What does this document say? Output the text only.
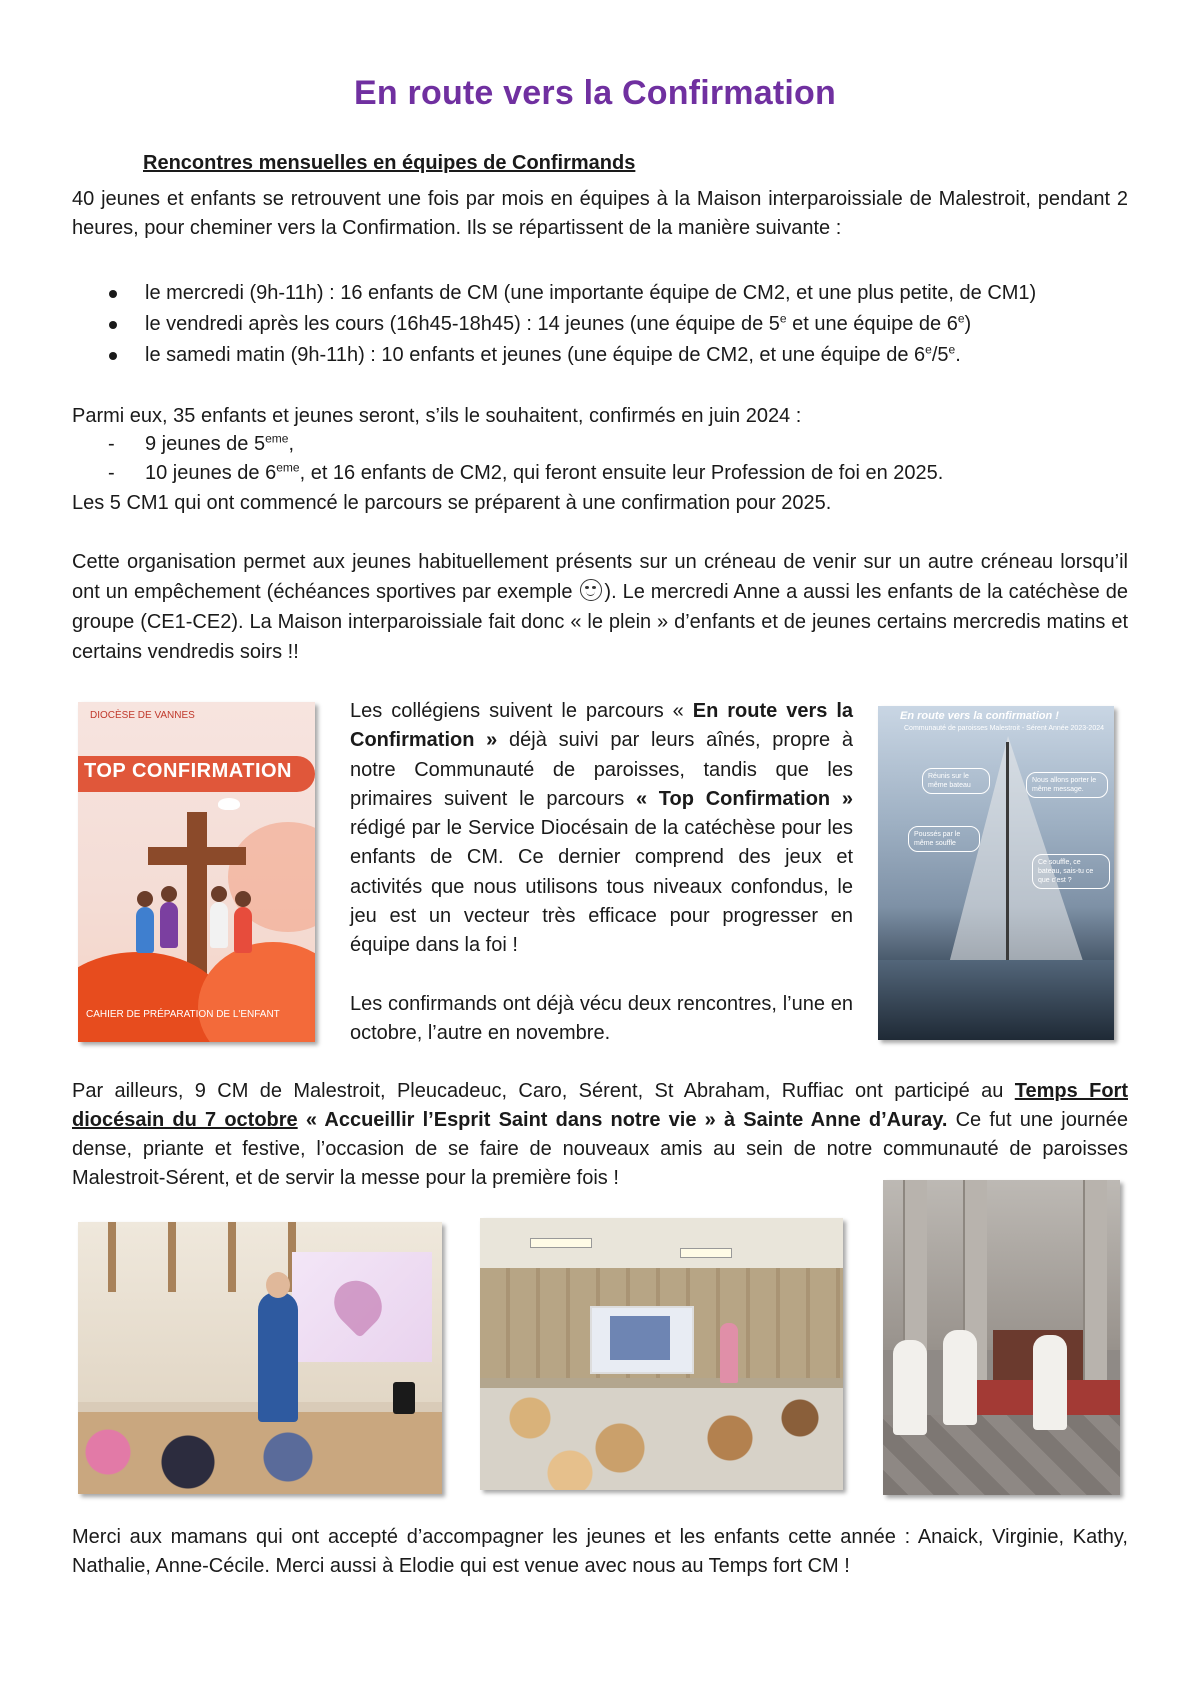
En route vers la Confirmation
Rencontres mensuelles en équipes de Confirmands
40 jeunes et enfants se retrouvent une fois par mois en équipes à la Maison interparoissiale de Malestroit, pendant 2 heures, pour cheminer vers la Confirmation. Ils se répartissent de la manière suivante :
le mercredi (9h-11h) : 16 enfants de CM (une importante équipe de CM2, et une plus petite, de CM1)
le vendredi après les cours (16h45-18h45) : 14 jeunes (une équipe de 5e et une équipe de 6e)
le samedi matin (9h-11h) : 10 enfants et jeunes (une équipe de CM2, et une équipe de 6e/5e.
Parmi eux, 35 enfants et jeunes seront, s’ils le souhaitent, confirmés en juin 2024 :
- 9 jeunes de 5eme,
- 10 jeunes de 6eme, et 16 enfants de CM2, qui feront ensuite leur Profession de foi en 2025.
Les 5 CM1 qui ont commencé le parcours se préparent à une confirmation pour 2025.
Cette organisation permet aux jeunes habituellement présents sur un créneau de venir sur un autre créneau lorsqu’il ont un empêchement (échéances sportives par exemple ). Le mercredi Anne a aussi les enfants de la catéchèse de groupe (CE1-CE2). La Maison interparoissiale fait donc « le plein » d’enfants et de jeunes certains mercredis matins et certains vendredis soirs !!
DIOCÈSE DE VANNES
TOP CONFIRMATION
CAHIER DE PRÉPARATION DE L'ENFANT
Les collégiens suivent le parcours « En route vers la Confirmation » déjà suivi par leurs aînés, propre à notre Communauté de paroisses, tandis que les primaires suivent le parcours « Top Confirmation » rédigé par le Service Diocésain de la catéchèse pour les enfants de CM. Ce dernier comprend des jeux et activités que nous utilisons tous niveaux confondus, le jeu est un vecteur très efficace pour progresser en équipe dans la foi !
Les confirmands ont déjà vécu deux rencontres, l’une en octobre, l’autre en novembre.
En route vers la confirmation !
Communauté de paroisses Malestroit - Sérent Année 2023-2024
Réunis sur le même bateau
Nous allons porter le même message.
Poussés par le même souffle
Ce souffle, ce bateau, sais-tu ce que c'est ?
Par ailleurs, 9 CM de Malestroit, Pleucadeuc, Caro, Sérent, St Abraham, Ruffiac ont participé au Temps Fort diocésain du 7 octobre « Accueillir l’Esprit Saint dans notre vie » à Sainte Anne d’Auray. Ce fut une journée dense, priante et festive, l’occasion de se faire de nouveaux amis au sein de notre communauté de paroisses Malestroit-Sérent, et de servir la messe pour la première fois !
Merci aux mamans qui ont accepté d’accompagner les jeunes et les enfants cette année : Anaick, Virginie, Kathy, Nathalie, Anne-Cécile. Merci aussi à Elodie qui est venue avec nous au Temps fort CM !
